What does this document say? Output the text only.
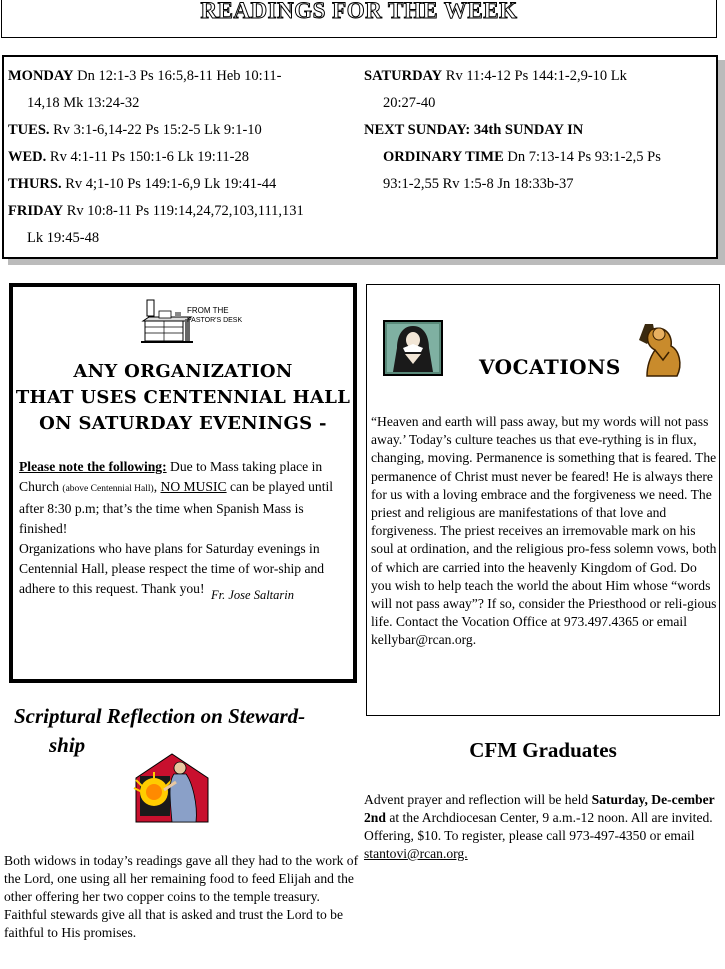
READINGS FOR THE WEEK
MONDAY Dn 12:1-3 Ps 16:5,8-11 Heb 10:11-
14,18 Mk 13:24-32
TUES. Rv 3:1-6,14-22 Ps 15:2-5 Lk 9:1-10
WED. Rv 4:1-11 Ps 150:1-6 Lk 19:11-28
THURS. Rv 4;1-10 Ps 149:1-6,9 Lk 19:41-44
FRIDAY Rv 10:8-11 Ps 119:14,24,72,103,111,131
Lk 19:45-48
SATURDAY Rv 11:4-12 Ps 144:1-2,9-10 Lk
20:27-40
NEXT SUNDAY: 34th SUNDAY IN
ORDINARY TIME Dn 7:13-14 Ps 93:1-2,5 Ps
93:1-2,55 Rv 1:5-8 Jn 18:33b-37
FROM THE
PASTOR'S DESK
ANY ORGANIZATION
THAT USES CENTENNIAL HALL
ON SATURDAY EVENINGS -
Please note the following: Due to Mass taking place in Church (above Centennial Hall), NO MUSIC can be played until after 8:30 p.m; that’s the time when Spanish Mass is finished!
Organizations who have plans for Saturday evenings in Centennial Hall, please respect the time of wor-ship and adhere to this request. Thank you! Fr. Jose Saltarin
VOCATIONS
“Heaven and earth will pass away, but my words will not pass away.’ Today’s culture teaches us that eve-rything is in flux, changing, moving. Permanence is something that is feared. The permanence of Christ must never be feared! He is always there for us with a loving embrace and the forgiveness we need. The priest and religious are manifestations of that love and forgiveness. The priest receives an irremovable mark on his soul at ordination, and the religious pro-fess solemn vows, both of which are carried into the heavenly Kingdom of God. Do you wish to help teach the world the about Him whose “words will not pass away”? If so, consider the Priesthood or reli-gious life. Contact the Vocation Office at 973.497.4365 or email kellybar@rcan.org.
Scriptural Reflection on Steward-
ship
Both widows in today’s readings gave all they had to the work of the Lord, one using all her remaining food to feed Elijah and the other offering her two copper coins to the temple treasury. Faithful stewards give all that is asked and trust the Lord to be faithful to His promises.
CFM Graduates
Advent prayer and reflection will be held Saturday, De-cember 2nd at the Archdiocesan Center, 9 a.m.-12 noon. All are invited. Offering, $10. To register, please call 973-497-4350 or email stantovi@rcan.org.
